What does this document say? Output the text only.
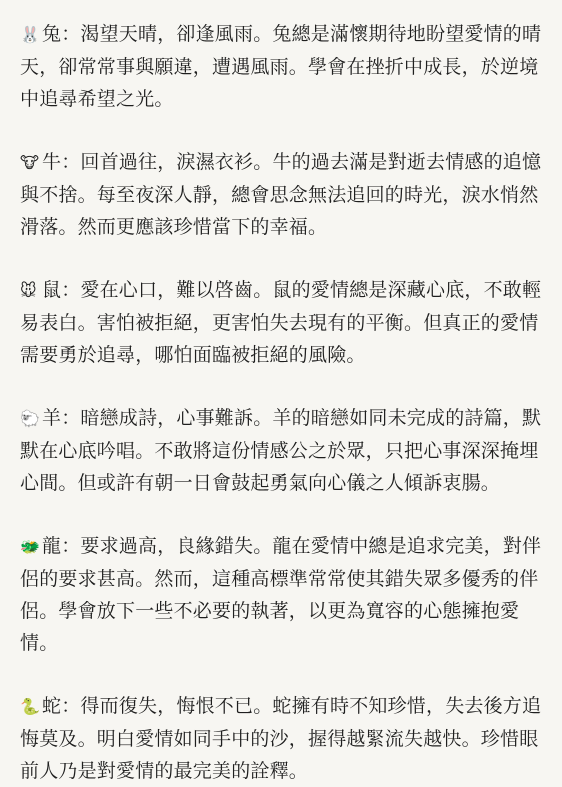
🐰兔：渴望天晴，卻逢風雨。兔總是滿懷期待地盼望愛情的晴天，卻常常事與願違，遭遇風雨。學會在挫折中成長，於逆境中追尋希望之光。

🐮 牛：回首過往，淚濕衣衫。牛的過去滿是對逝去情感的追憶與不捨。每至夜深人靜，總會思念無法追回的時光，淚水悄然滑落。然而更應該珍惜當下的幸福。

🐭 鼠：愛在心口，難以啓齒。鼠的愛情總是深藏心底，不敢輕易表白。害怕被拒絕，更害怕失去現有的平衡。但真正的愛情需要勇於追尋，哪怕面臨被拒絕的風險。

🐑羊：暗戀成詩，心事難訴。羊的暗戀如同未完成的詩篇，默默在心底吟唱。不敢將這份情感公之於眾，只把心事深深掩埋心間。但或許有朝一日會鼓起勇氣向心儀之人傾訴衷腸。

🐲龍：要求過高，良緣錯失。龍在愛情中總是追求完美，對伴侶的要求甚高。然而，這種高標準常常使其錯失眾多優秀的伴侶。學會放下一些不必要的執著，以更為寬容的心態擁抱愛情。

🐍蛇：得而復失，悔恨不已。蛇擁有時不知珍惜，失去後方追悔莫及。明白愛情如同手中的沙，握得越緊流失越快。珍惜眼前人乃是對愛情的最完美的詮釋。
